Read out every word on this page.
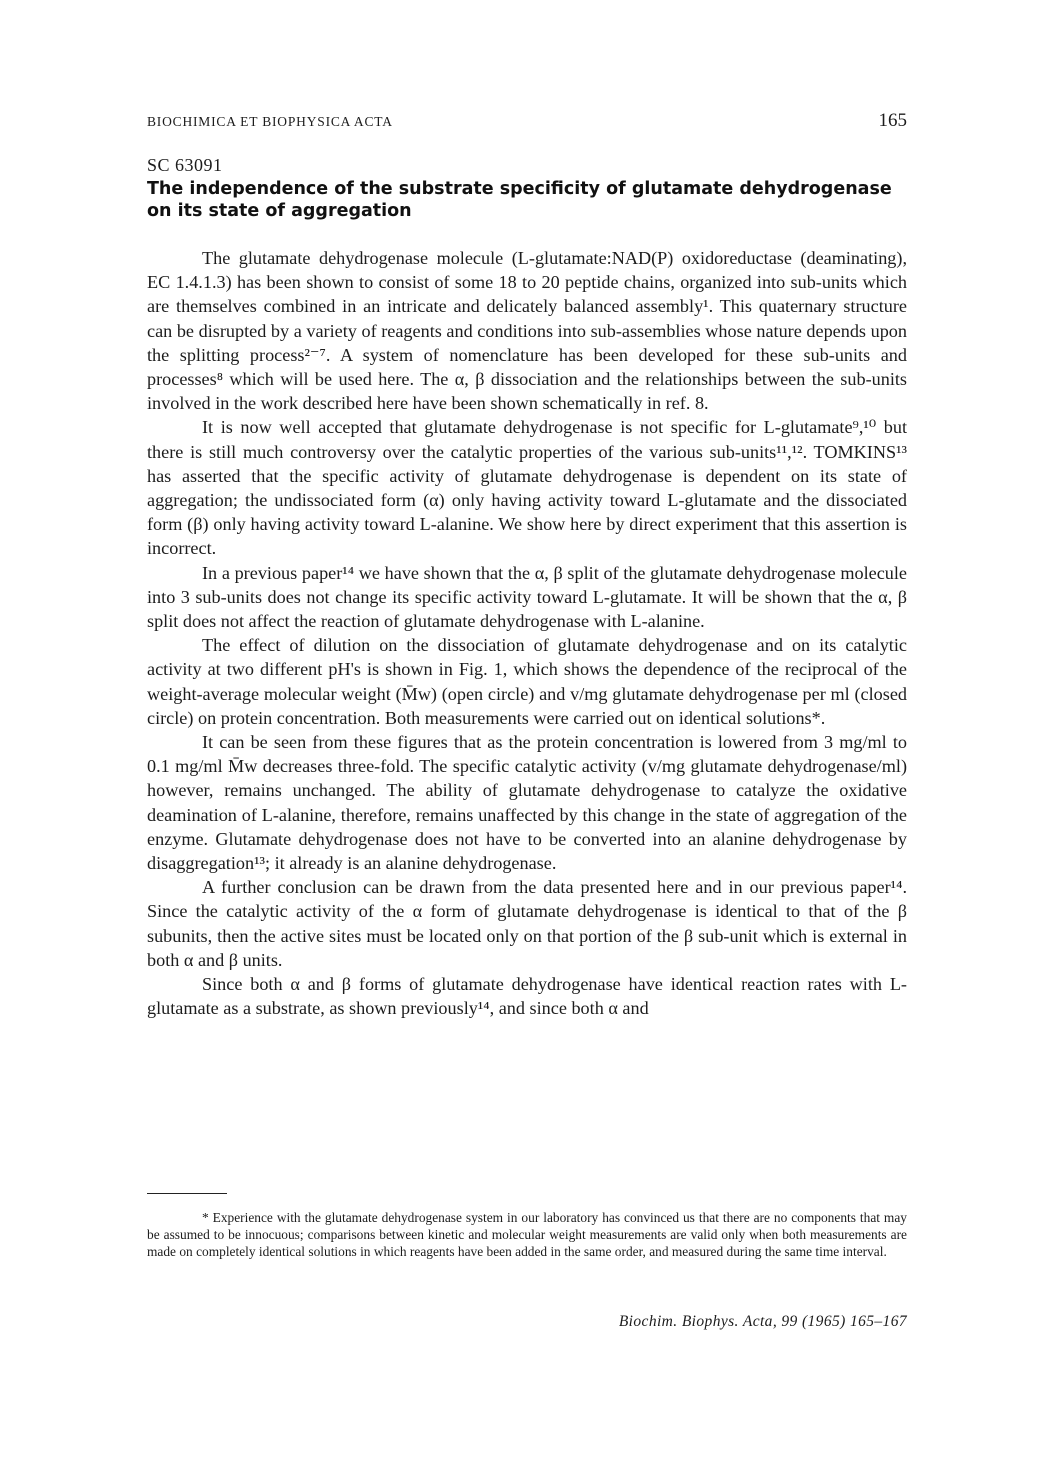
BIOCHIMICA ET BIOPHYSICA ACTA	165
SC 63091
The independence of the substrate specificity of glutamate dehydrogenase on its state of aggregation

The glutamate dehydrogenase molecule (L-glutamate:NAD(P) oxidoreductase (deaminating), EC 1.4.1.3) has been shown to consist of some 18 to 20 peptide chains, organized into sub-units which are themselves combined in an intricate and delicately balanced assembly¹. This quaternary structure can be disrupted by a variety of reagents and conditions into sub-assemblies whose nature depends upon the splitting process²⁻⁷. A system of nomenclature has been developed for these sub-units and processes⁸ which will be used here. The α, β dissociation and the relationships between the sub-units involved in the work described here have been shown schematically in ref. 8.

It is now well accepted that glutamate dehydrogenase is not specific for L-glutamate⁹,¹⁰ but there is still much controversy over the catalytic properties of the various sub-units¹¹,¹². TOMKINS¹³ has asserted that the specific activity of glutamate dehydrogenase is dependent on its state of aggregation; the undissociated form (α) only having activity toward L-glutamate and the dissociated form (β) only having activity toward L-alanine. We show here by direct experiment that this assertion is incorrect.

In a previous paper¹⁴ we have shown that the α, β split of the glutamate dehydrogenase molecule into 3 sub-units does not change its specific activity toward L-glutamate. It will be shown that the α, β split does not affect the reaction of glutamate dehydrogenase with L-alanine.

The effect of dilution on the dissociation of glutamate dehydrogenase and on its catalytic activity at two different pH's is shown in Fig. 1, which shows the dependence of the reciprocal of the weight-average molecular weight (M̄w) (open circle) and v/mg glutamate dehydrogenase per ml (closed circle) on protein concentration. Both measurements were carried out on identical solutions*.

It can be seen from these figures that as the protein concentration is lowered from 3 mg/ml to 0.1 mg/ml M̄w decreases three-fold. The specific catalytic activity (v/mg glutamate dehydrogenase/ml) however, remains unchanged. The ability of glutamate dehydrogenase to catalyze the oxidative deamination of L-alanine, therefore, remains unaffected by this change in the state of aggregation of the enzyme. Glutamate dehydrogenase does not have to be converted into an alanine dehydrogenase by disaggregation¹³; it already is an alanine dehydrogenase.

A further conclusion can be drawn from the data presented here and in our previous paper¹⁴. Since the catalytic activity of the α form of glutamate dehydrogenase is identical to that of the β subunits, then the active sites must be located only on that portion of the β sub-unit which is external in both α and β units.

Since both α and β forms of glutamate dehydrogenase have identical reaction rates with L-glutamate as a substrate, as shown previously¹⁴, and since both α and

* Experience with the glutamate dehydrogenase system in our laboratory has convinced us that there are no components that may be assumed to be innocuous; comparisons between kinetic and molecular weight measurements are valid only when both measurements are made on completely identical solutions in which reagents have been added in the same order, and measured during the same time interval.
Biochim. Biophys. Acta, 99 (1965) 165–167
